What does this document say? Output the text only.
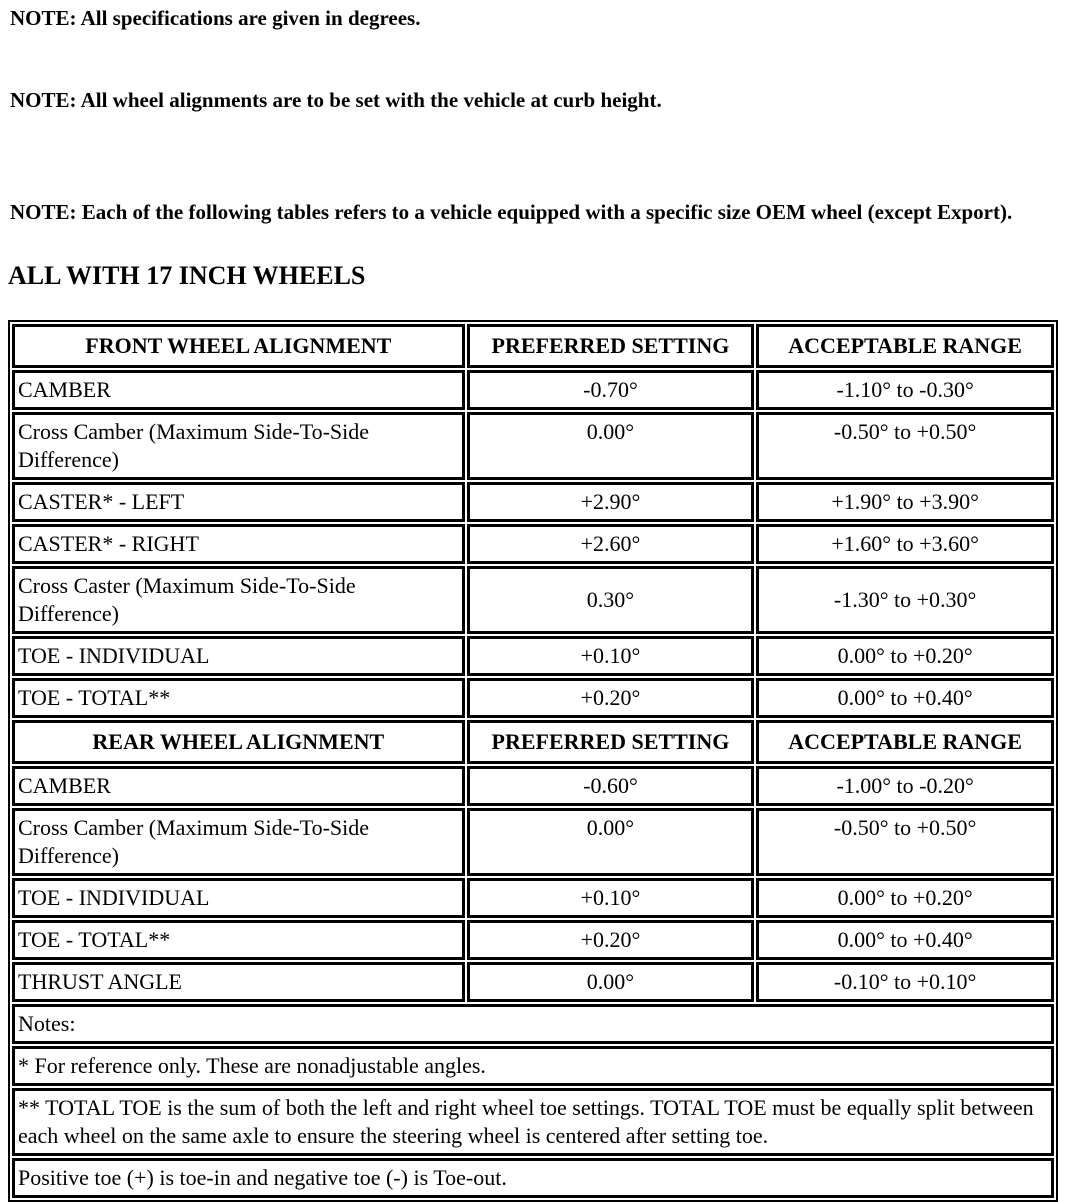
NOTE: All specifications are given in degrees.
NOTE: All wheel alignments are to be set with the vehicle at curb height.
NOTE: Each of the following tables refers to a vehicle equipped with a specific size OEM wheel (except Export).
ALL WITH 17 INCH WHEELS
FRONT WHEEL ALIGNMENT	PREFERRED SETTING	ACCEPTABLE RANGE
CAMBER	-0.70°	-1.10° to -0.30°
Cross Camber (Maximum Side-To-Side Difference)	0.00°	-0.50° to +0.50°
CASTER* - LEFT	+2.90°	+1.90° to +3.90°
CASTER* - RIGHT	+2.60°	+1.60° to +3.60°
Cross Caster (Maximum Side-To-Side Difference)	0.30°	-1.30° to +0.30°
TOE - INDIVIDUAL	+0.10°	0.00° to +0.20°
TOE - TOTAL**	+0.20°	0.00° to +0.40°
REAR WHEEL ALIGNMENT	PREFERRED SETTING	ACCEPTABLE RANGE
CAMBER	-0.60°	-1.00° to -0.20°
Cross Camber (Maximum Side-To-Side Difference)	0.00°	-0.50° to +0.50°
TOE - INDIVIDUAL	+0.10°	0.00° to +0.20°
TOE - TOTAL**	+0.20°	0.00° to +0.40°
THRUST ANGLE	0.00°	-0.10° to +0.10°
Notes:		
* For reference only. These are nonadjustable angles.		
** TOTAL TOE is the sum of both the left and right wheel toe settings. TOTAL TOE must be equally split between each wheel on the same axle to ensure the steering wheel is centered after setting toe.		
Positive toe (+) is toe-in and negative toe (-) is Toe-out.		
